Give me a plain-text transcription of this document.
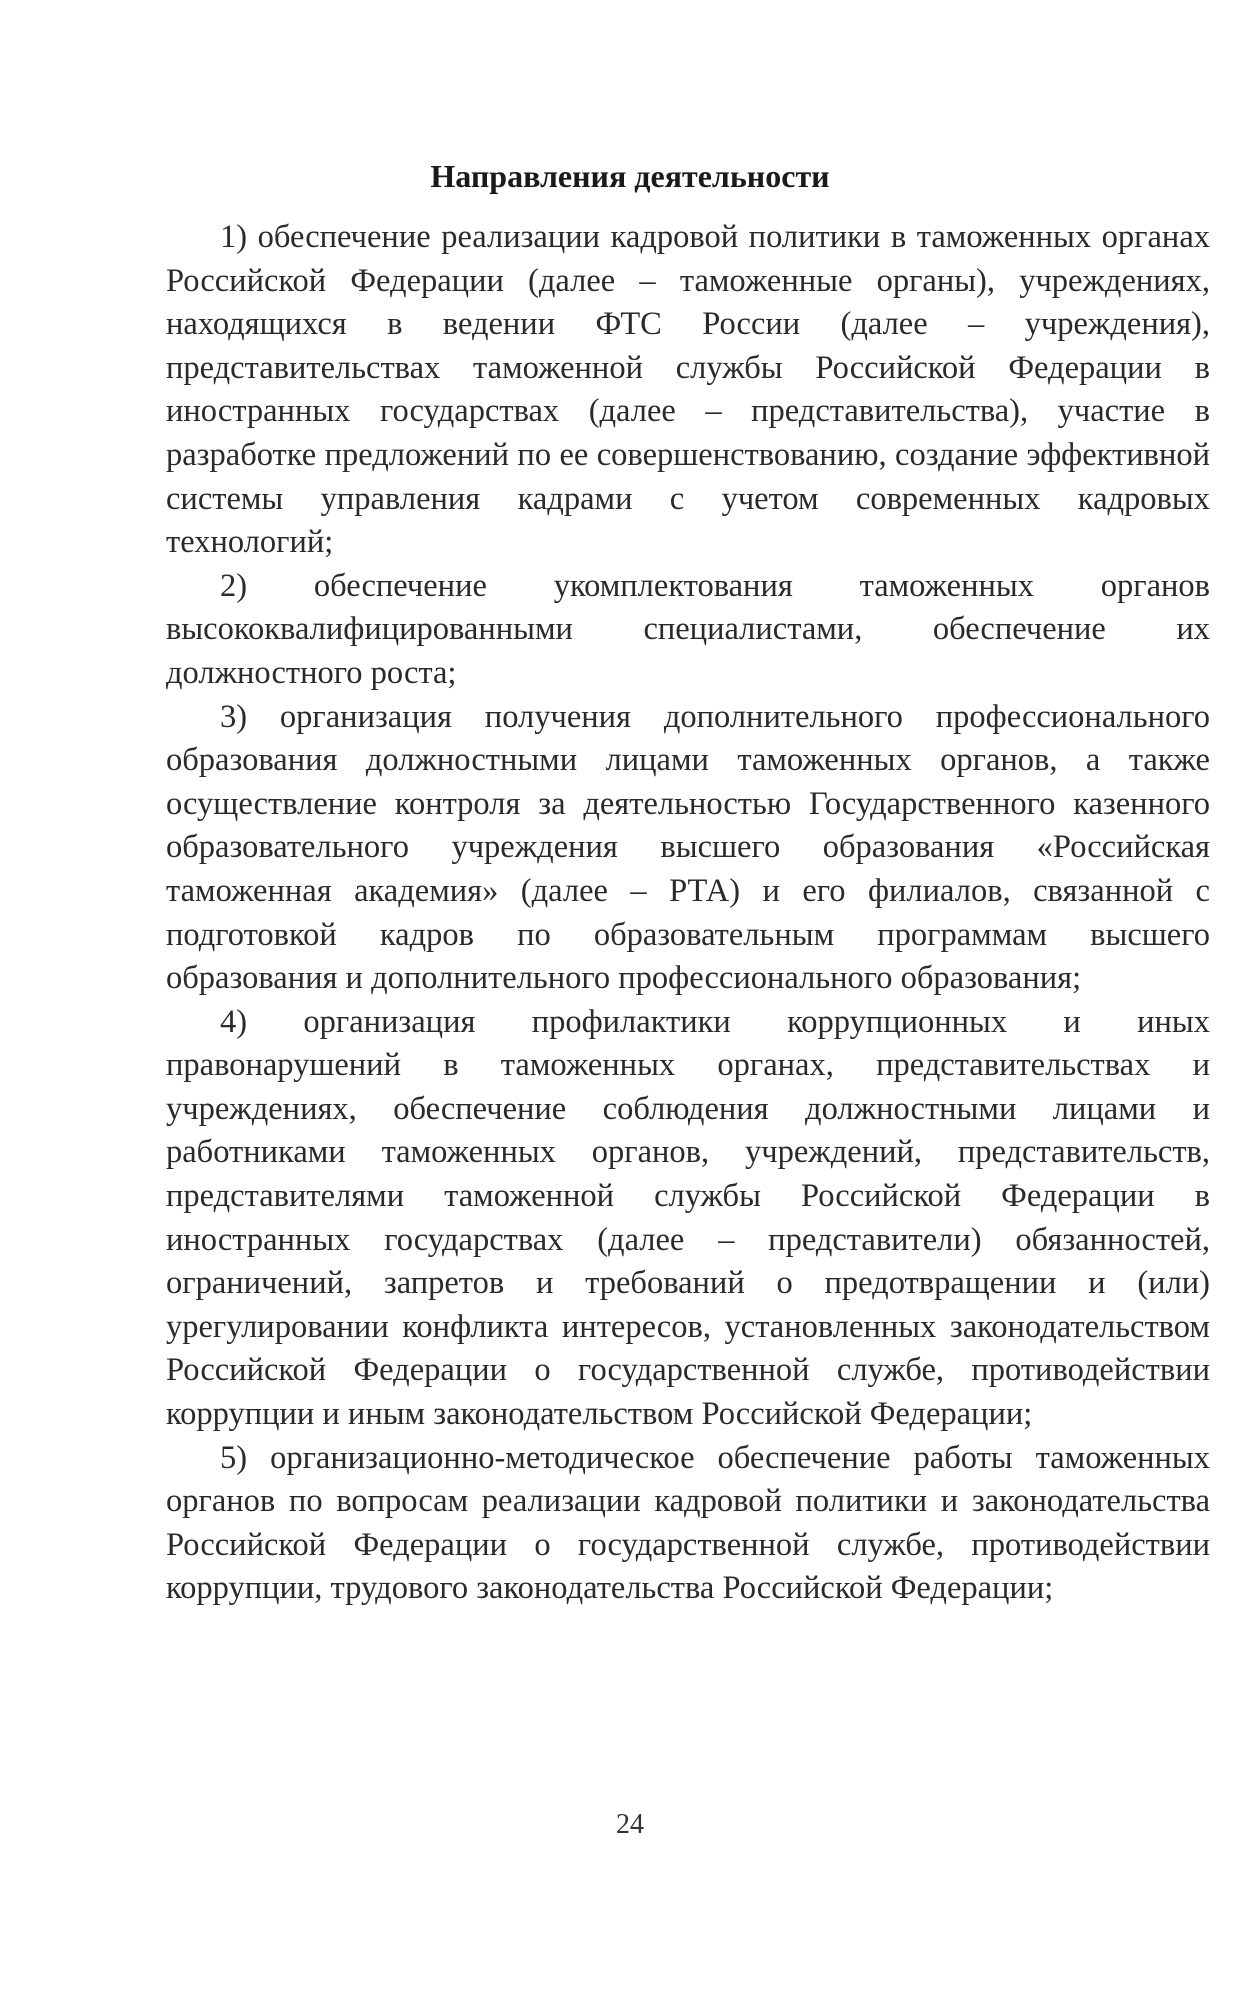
Направления деятельности

1) обеспечение реализации кадровой политики в таможенных органах Российской Федерации (далее – таможенные органы), учреждениях, находящихся в ведении ФТС России (далее – учреждения), представительствах таможенной службы Российской Федерации в иностранных государствах (далее – представительства), участие в разработке предложений по ее совершенствованию, создание эффективной системы управления кадрами с учетом современных кадровых технологий;

2) обеспечение укомплектования таможенных органов высококвалифицированными специалистами, обеспечение их должностного роста;

3) организация получения дополнительного профессионального образования должностными лицами таможенных органов, а также осуществление контроля за деятельностью Государственного казенного образовательного учреждения высшего образования «Российская таможенная академия» (далее – РТА) и его филиалов, связанной с подготовкой кадров по образовательным программам высшего образования и дополнительного профессионального образования;

4) организация профилактики коррупционных и иных правонарушений в таможенных органах, представительствах и учреждениях, обеспечение соблюдения должностными лицами и работниками таможенных органов, учреждений, представительств, представителями таможенной службы Российской Федерации в иностранных государствах (далее – представители) обязанностей, ограничений, запретов и требований о предотвращении и (или) урегулировании конфликта интересов, установленных законодательством Российской Федерации о государственной службе, противодействии коррупции и иным законодательством Российской Федерации;

5) организационно-методическое обеспечение работы таможенных органов по вопросам реализации кадровой политики и законодательства Российской Федерации о государственной службе, противодействии коррупции, трудового законодательства Российской Федерации;

24
